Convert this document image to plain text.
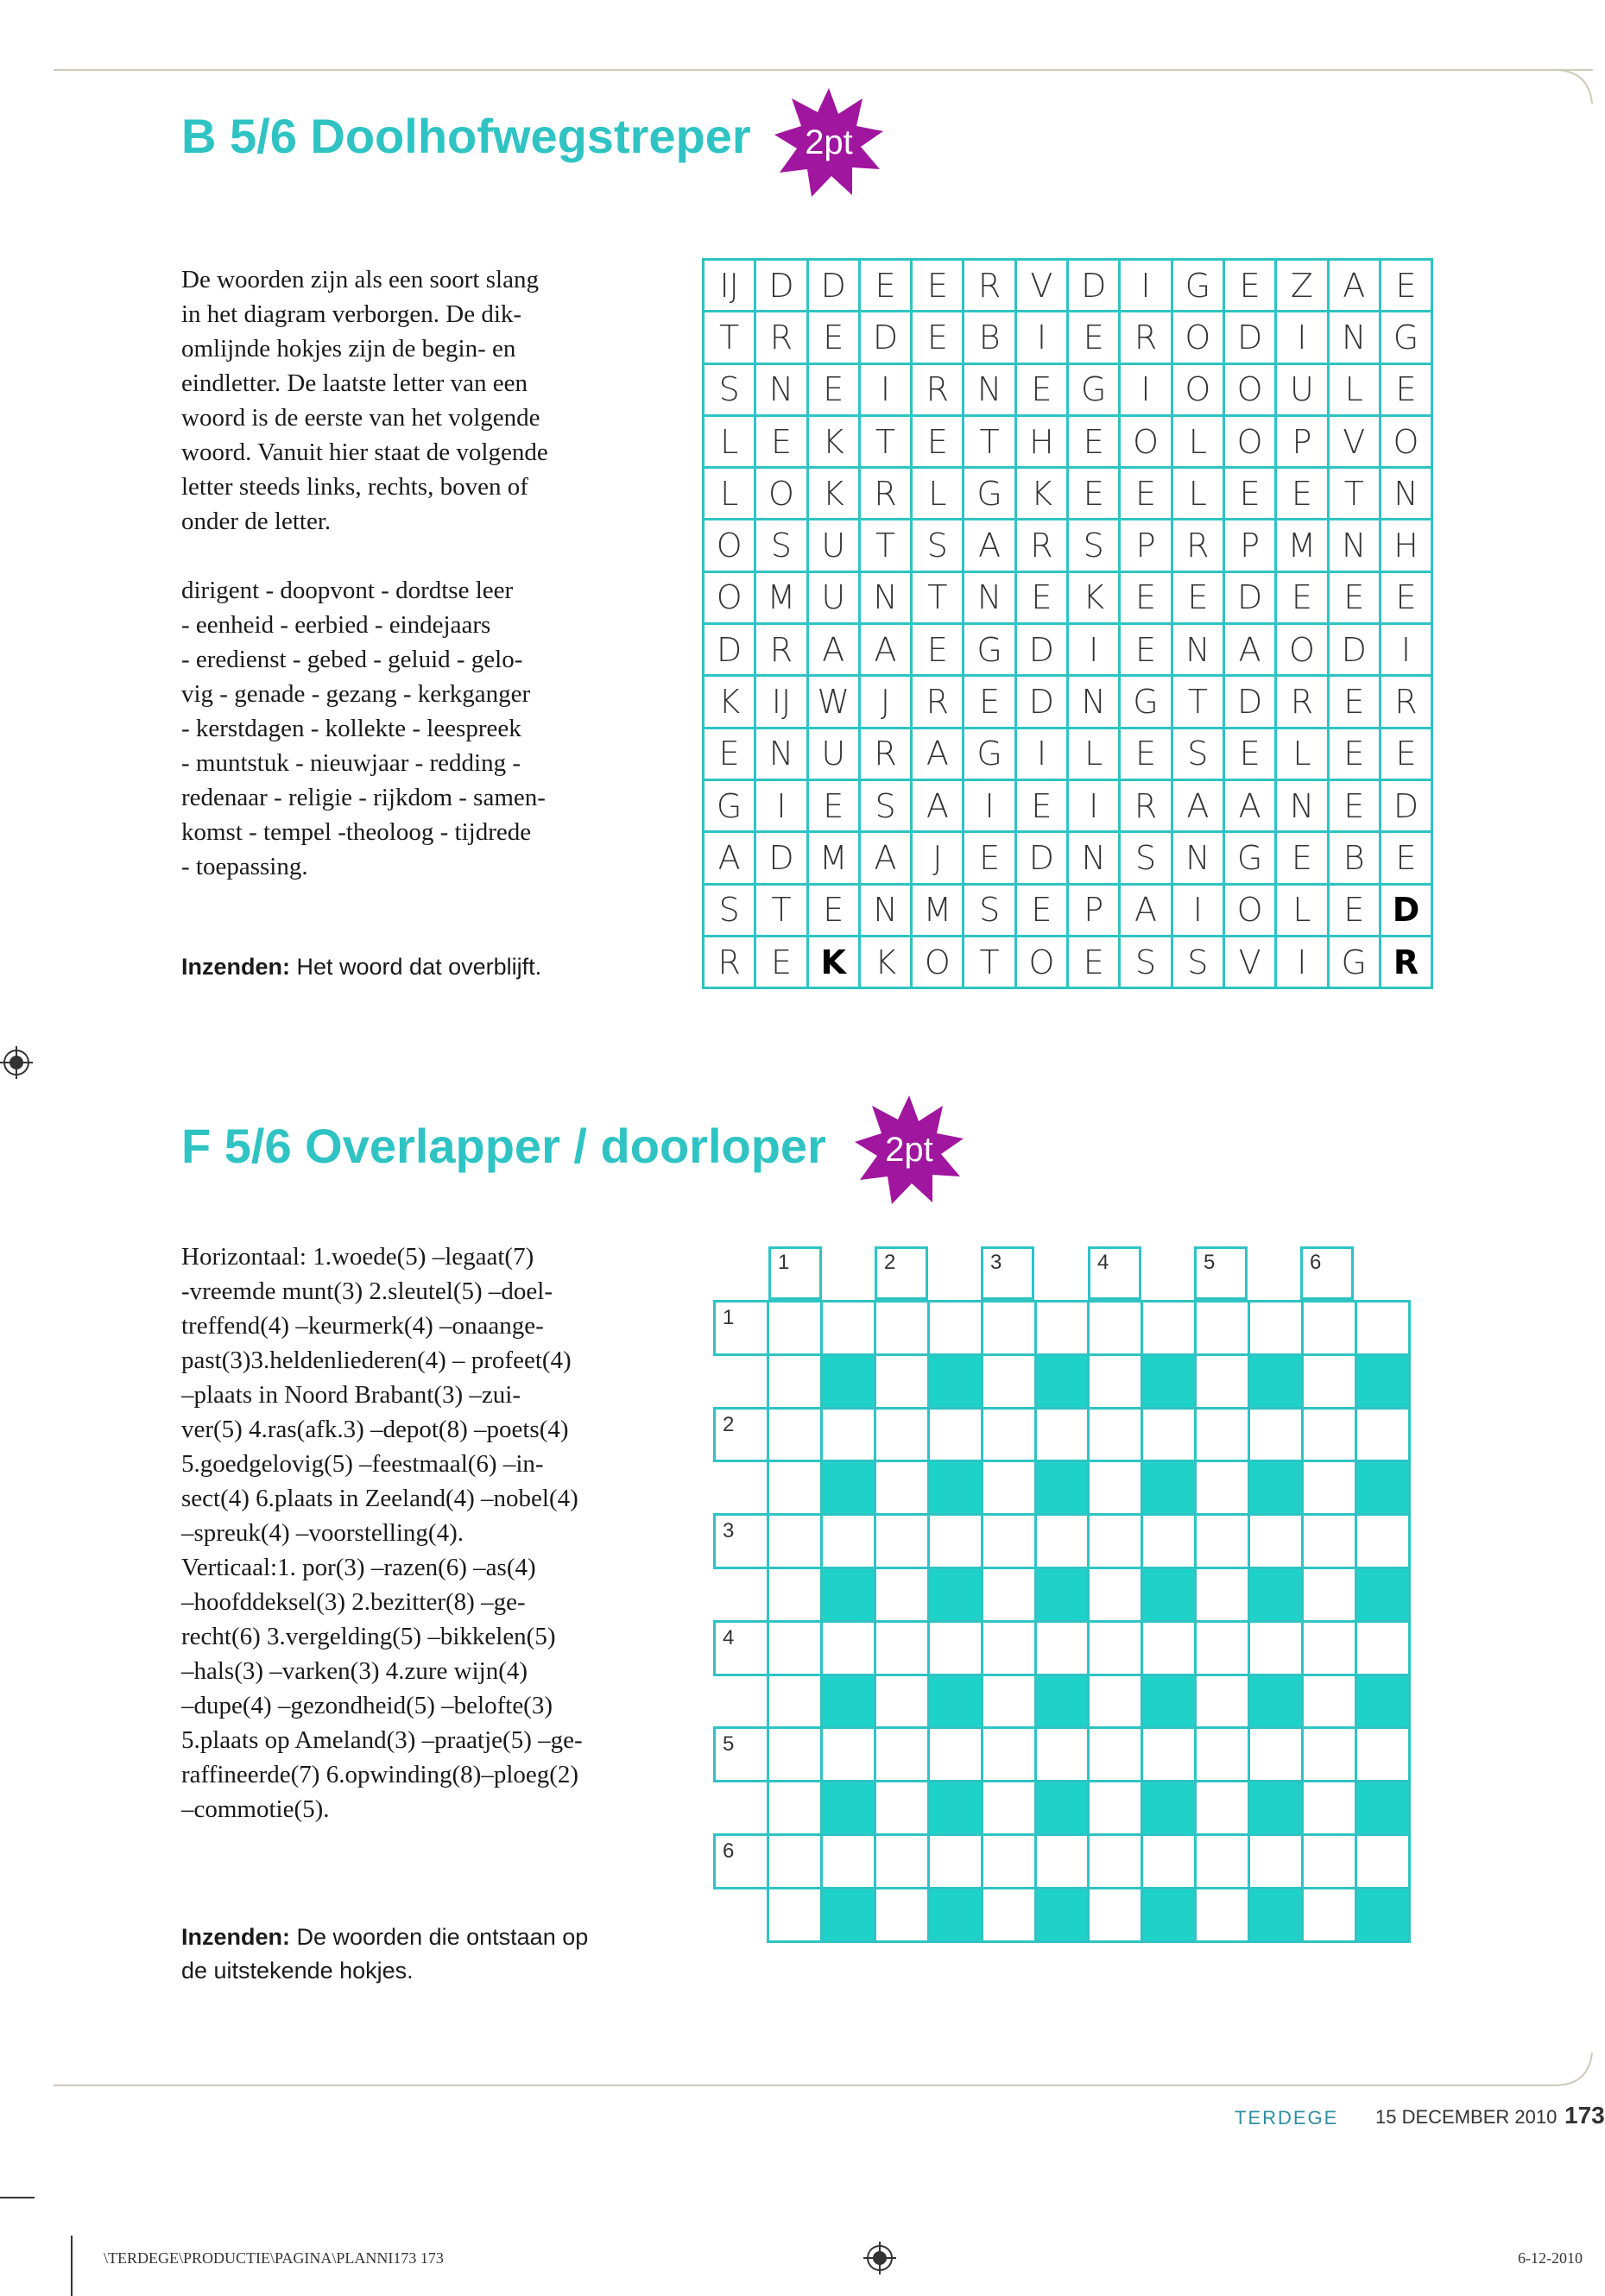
B 5/6 Doolhofwegstreper	2pt
De woorden zijn als een soort slang
in het diagram verborgen. De dik-
omlijnde hokjes zijn de begin- en
eindletter. De laatste letter van een
woord is de eerste van het volgende
woord. Vanuit hier staat de volgende
letter steeds links, rechts, boven of
onder de letter.
dirigent - doopvont - dordtse leer
- eenheid - eerbied - eindejaars
- eredienst - gebed - geluid - gelo-
vig - genade - gezang - kerkganger
- kerstdagen - kollekte - leespreek
- muntstuk - nieuwjaar - redding -
redenaar - religie - rijkdom - samen-
komst - tempel -theoloog - tijdrede
- toepassing.

Inzenden: Het woord dat overblijft.

IJ D D E E R V D	I	G E Z A E
T R E D E B	I	E R O D	I	N G
S N E	I	R N E G	I	O O U L E
L E K T E T H E O L O P V O
L O K R L G K E E L E E T N
O S U T S A R S P R P M N H
O M U N T N E K E E D E E E
D R A A E G D	I	E N A O D	I
K IJ W J	R E D N G T D R E R
E N U R A G	I	L E S E L E E
G	I	E S A	I	E	I	R A A N E D
A D M A	J	E D N S N G E B E
S T E N M S E P A	I	O L E D
R E K K O T O E S S V	I	G R
F 5/6 Overlapper / doorloper	2pt
Horizontaal: 1.woede(5) –legaat(7)
-vreemde munt(3) 2.sleutel(5) –doel-
treffend(4) –keurmerk(4) –onaange-
past(3)3.heldenliederen(4) – profeet(4)
–plaats in Noord Brabant(3) –zui-
ver(5) 4.ras(afk.3) –depot(8) –poets(4)
5.goedgelovig(5) –feestmaal(6) –in-
sect(4) 6.plaats in Zeeland(4) –nobel(4)
–spreuk(4) –voorstelling(4).
Verticaal:1. por(3) –razen(6) –as(4)
–hoofddeksel(3) 2.bezitter(8) –ge-
recht(6) 3.vergelding(5) –bikkelen(5)
–hals(3) –varken(3) 4.zure wijn(4)
–dupe(4) –gezondheid(5) –belofte(3)
5.plaats op Ameland(3) –praatje(5) –ge-
raffineerde(7) 6.opwinding(8)–ploeg(2)
–commotie(5).

Inzenden: De woorden die ontstaan op
de uitstekende hokjes.

1	2	3	4	5	6
1
2
3
4
5
6
TERDEGE 15 DECEMBER 2010 173
\TERDEGE\PRODUCTIE\PAGINA\PLANNI173 173	6-12-2010
